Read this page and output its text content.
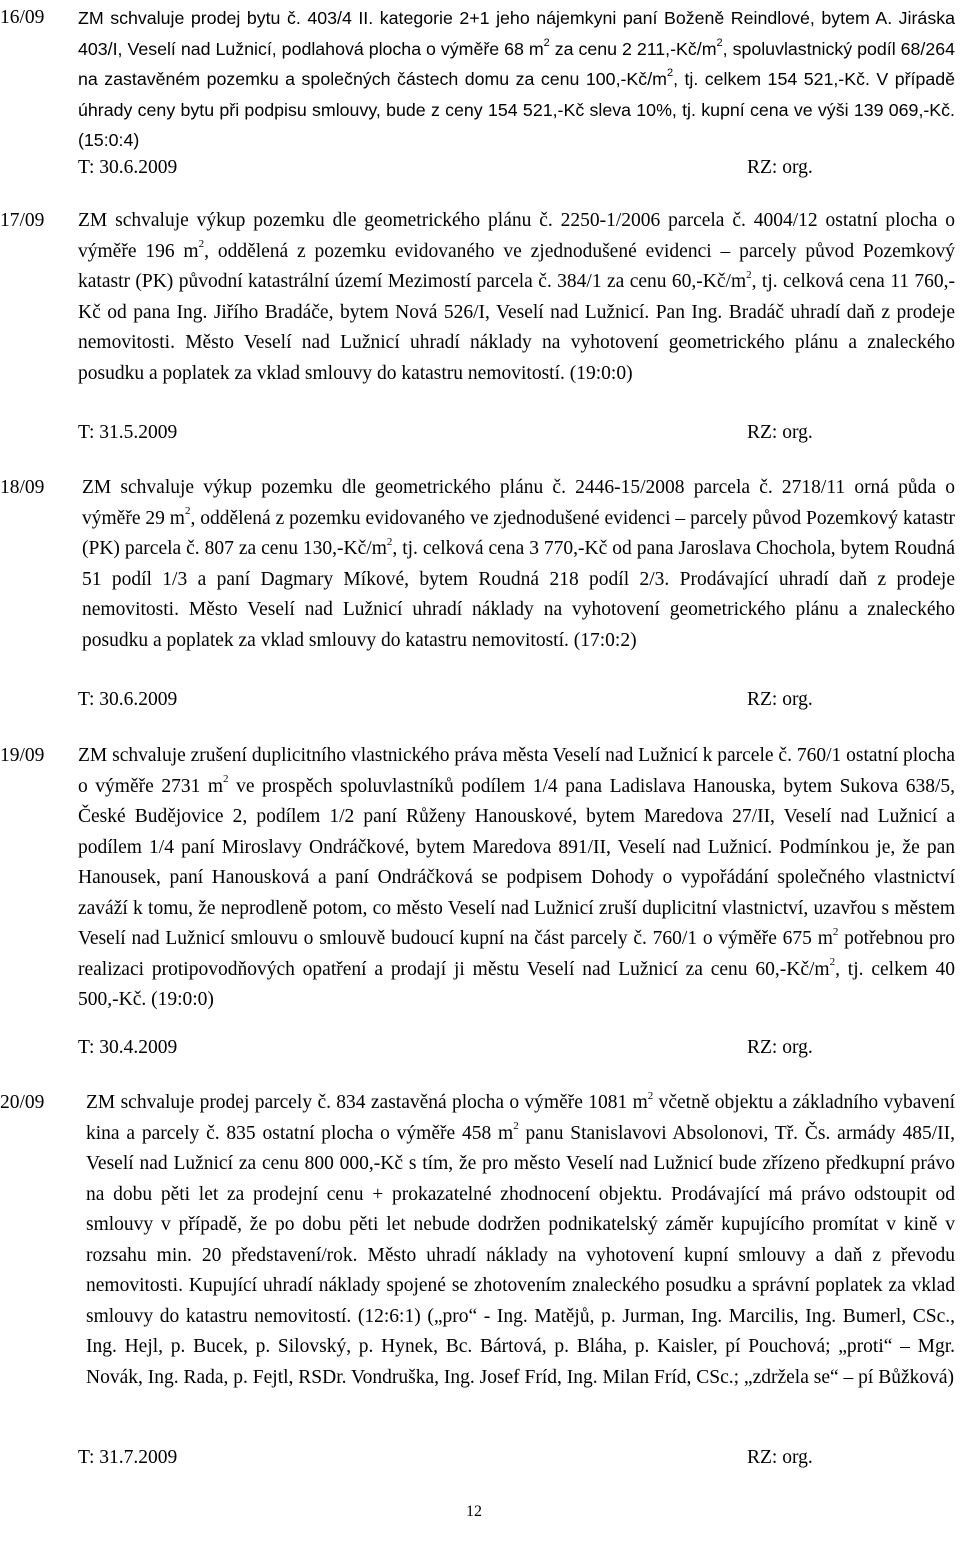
16/09 ZM schvaluje prodej bytu č. 403/4 II. kategorie 2+1 jeho nájemkyni paní Boženě Reindlové, bytem A. Jiráska 403/I, Veselí nad Lužnicí, podlahová plocha o výměře 68 $m^2$ za cenu 2 $211,-Kč/m^2$, spoluvlastnický podíl 68/264 na zastavěném pozemku a společných částech domu za cenu $100,-Kč/m^2$, tj. celkem 154 521,-Kč. V případě úhrady ceny bytu při podpisu smlouvy, bude z ceny 154 521,-Kč sleva 10%, tj. kupní cena ve výši 139 069,-Kč. (15:0:4)
T: 30.6.2009	RZ: org.
17/09 ZM schvaluje výkup pozemku dle geometrického plánu č. 2250-1/2006 parcela č. 4004/12 ostatní plocha o výměře 196 $m^2$, oddělená z pozemku evidovaného ve zjednodušené evidenci – parcely původ Pozemkový katastr (PK) původní katastrální území Mezimostí parcela č. 384/1 za cenu $60,-Kč/m^2$, tj. celková cena 11 760,-Kč od pana Ing. Jiřího Bradáče, bytem Nová 526/I, Veselí nad Lužnicí. Pan Ing. Bradáč uhradí daň z prodeje nemovitosti. Město Veselí nad Lužnicí uhradí náklady na vyhotovení geometrického plánu a znaleckého posudku a poplatek za vklad smlouvy do katastru nemovitostí. (19:0:0)
T: 31.5.2009	RZ: org.
18/09 ZM schvaluje výkup pozemku dle geometrického plánu č. 2446-15/2008 parcela č. 2718/11 orná půda o výměře 29 $m^2$, oddělená z pozemku evidovaného ve zjednodušené evidenci – parcely původ Pozemkový katastr (PK) parcela č. 807 za cenu $130,-Kč/m^2$, tj. celková cena 3 770,-Kč od pana Jaroslava Chochola, bytem Roudná 51 podíl 1/3 a paní Dagmary Míkové, bytem Roudná 218 podíl 2/3. Prodávající uhradí daň z prodeje nemovitosti. Město Veselí nad Lužnicí uhradí náklady na vyhotovení geometrického plánu a znaleckého posudku a poplatek za vklad smlouvy do katastru nemovitostí. (17:0:2)
T: 30.6.2009	RZ: org.
19/09 ZM schvaluje zrušení duplicitního vlastnického práva města Veselí nad Lužnicí k parcele č. 760/1 ostatní plocha o výměře 2731 $m^2$ ve prospěch spoluvlastníků podílem 1/4 pana Ladislava Hanouska, bytem Sukova 638/5, České Budějovice 2, podílem 1/2 paní Růženy Hanouskové, bytem Maredova 27/II, Veselí nad Lužnicí a podílem 1/4 paní Miroslavy Ondráčkové, bytem Maredova 891/II, Veselí nad Lužnicí. Podmínkou je, že pan Hanousek, paní Hanousková a paní Ondráčková se podpisem Dohody o vypořádání společného vlastnictví zaváží k tomu, že neprodleně potom, co město Veselí nad Lužnicí zruší duplicitní vlastnictví, uzavřou s městem Veselí nad Lužnicí smlouvu o smlouvě budoucí kupní na část parcely č. 760/1 o výměře 675 $m^2$ potřebnou pro realizaci protipovodňových opatření a prodají ji městu Veselí nad Lužnicí za cenu $60,-Kč/m^2$, tj. celkem 40 500,-Kč. (19:0:0)
T: 30.4.2009	RZ: org.
20/09 ZM schvaluje prodej parcely č. 834 zastavěná plocha o výměře 1081 $m^2$ včetně objektu a základního vybavení kina a parcely č. 835 ostatní plocha o výměře 458 $m^2$ panu Stanislavovi Absolonovi, Tř. Čs. armády 485/II, Veselí nad Lužnicí za cenu 800 000,-Kč s tím, že pro město Veselí nad Lužnicí bude zřízeno předkupní právo na dobu pěti let za prodejní cenu + prokazatelné zhodnocení objektu. Prodávající má právo odstoupit od smlouvy v případě, že po dobu pěti let nebude dodržen podnikatelský záměr kupujícího promítat v kině v rozsahu min. 20 představení/rok. Město uhradí náklady na vyhotovení kupní smlouvy a daň z převodu nemovitosti. Kupující uhradí náklady spojené se zhotovením znaleckého posudku a správní poplatek za vklad smlouvy do katastru nemovitostí. (12:6:1) („pro“ - Ing. Matějů, p. Jurman, Ing. Marcilis, Ing. Bumerl, CSc., Ing. Hejl, p. Bucek, p. Silovský, p. Hynek, Bc. Bártová, p. Bláha, p. Kaisler, pí Pouchová; „proti“ – Mgr. Novák, Ing. Rada, p. Fejtl, RSDr. Vondruška, Ing. Josef Fríd, Ing. Milan Fríd, CSc.; „zdržela se“ – pí Bůžková)
T: 31.7.2009	RZ: org.
12
